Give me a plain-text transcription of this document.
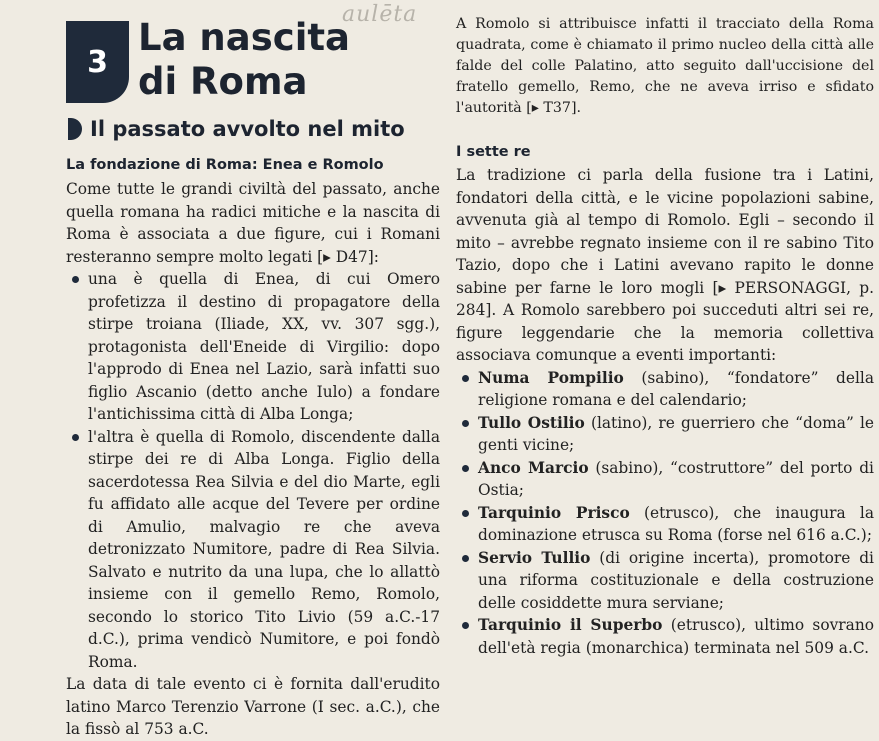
aulēta
3
La nascita
di Roma

A Romolo si attribuisce infatti il tracciato della Roma quadrata, come è chiamato il primo nucleo della città alle falde del colle Palatino, atto seguito dall'uccisione del fratello gemello, Remo, che ne aveva irriso e sfidato l'autorità [▸ T37].

Il passato avvolto nel mito
La fondazione di Roma: Enea e Romolo

Come tutte le grandi civiltà del passato, anche quella romana ha radici mitiche e la nascita di Roma è associata a due figure, cui i Romani resteranno sempre molto legati [▸ D47]:

una è quella di Enea, di cui Omero profetizza il destino di propagatore della stirpe troiana (Iliade, XX, vv. 307 sgg.), protagonista dell'Eneide di Virgilio: dopo l'approdo di Enea nel Lazio, sarà infatti suo figlio Ascanio (detto anche Iulo) a fondare l'antichissima città di Alba Longa;

l'altra è quella di Romolo, discendente dalla stirpe dei re di Alba Longa. Figlio della sacerdotessa Rea Silvia e del dio Marte, egli fu affidato alle acque del Tevere per ordine di Amulio, malvagio re che aveva detronizzato Numitore, padre di Rea Silvia. Salvato e nutrito da una lupa, che lo allattò insieme con il gemello Remo, Romolo, secondo lo storico Tito Livio (59 a.C.-17 d.C.), prima vendicò Numitore, e poi fondò Roma.

La data di tale evento ci è fornita dall'erudito latino Marco Terenzio Varrone (I sec. a.C.), che la fissò al 753 a.C.

I sette re

La tradizione ci parla della fusione tra i Latini, fondatori della città, e le vicine popolazioni sabine, avvenuta già al tempo di Romolo. Egli – secondo il mito – avrebbe regnato insieme con il re sabino Tito Tazio, dopo che i Latini avevano rapito le donne sabine per farne le loro mogli [▸ PERSONAGGI, p. 284]. A Romolo sarebbero poi succeduti altri sei re, figure leggendarie che la memoria collettiva associava comunque a eventi importanti:

Numa Pompilio (sabino), “fondatore” della religione romana e del calendario;

Tullo Ostilio (latino), re guerriero che “doma” le genti vicine;

Anco Marcio (sabino), “costruttore” del porto di Ostia;

Tarquinio Prisco (etrusco), che inaugura la dominazione etrusca su Roma (forse nel 616 a.C.);

Servio Tullio (di origine incerta), promotore di una riforma costituzionale e della costruzione delle cosiddette mura serviane;

Tarquinio il Superbo (etrusco), ultimo sovrano dell'età regia (monarchica) terminata nel 509 a.C.
